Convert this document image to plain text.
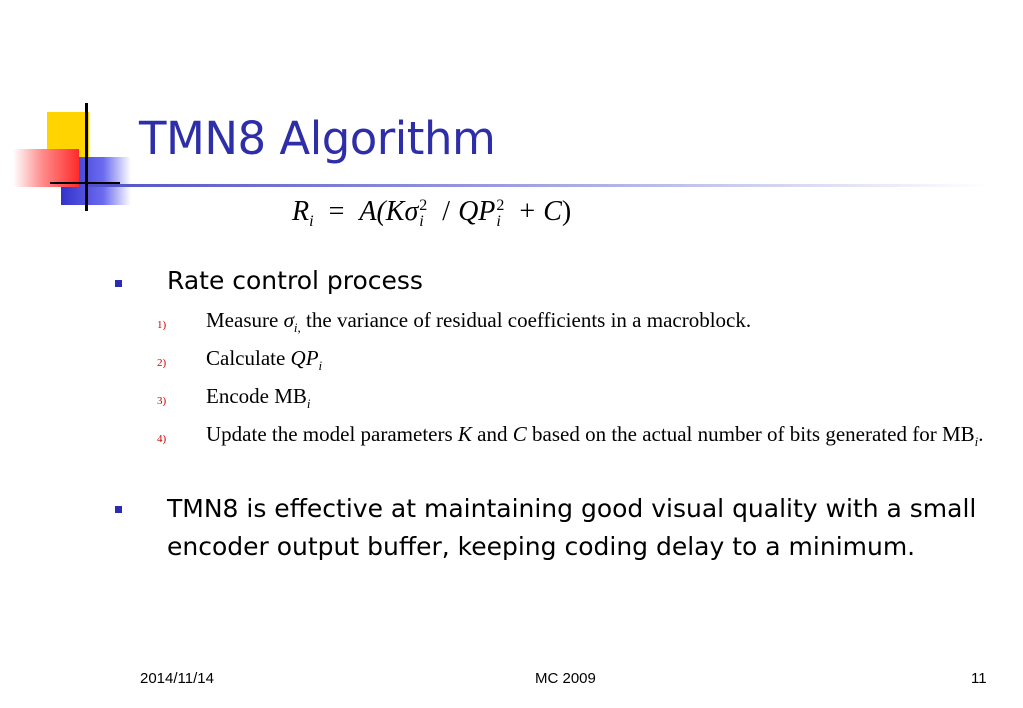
TMN8 Algorithm
$R_i = A(K\sigma$ 2
i / QP 2
i + C)
Rate control process
1) Measure $\sigma_{i,}$ the variance of residual coefficients in a macroblock.
2) Calculate $QP_i$
3) Encode $MB_i$
4) Update the model parameters K and C based on the actual number of bits generated for $MB_i$.
TMN8 is effective at maintaining good visual quality with a small encoder output buffer, keeping coding delay to a minimum.
2014/11/14	MC 2009	11
